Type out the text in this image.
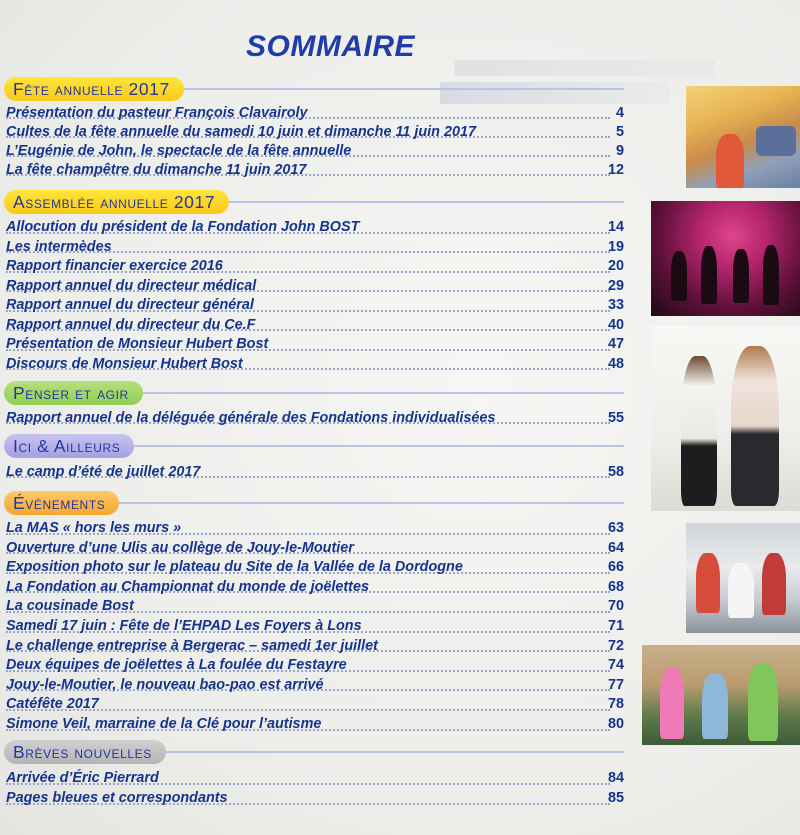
SOMMAIRE
Fête annuelle 2017
Présentation du pasteur François Clavairoly	4
Cultes de la fête annuelle du samedi 10 juin et dimanche 11 juin 2017	5
L’Eugénie de John, le spectacle de la fête annuelle	9
La fête champêtre du dimanche 11 juin 2017	12
Assemblée annuelle 2017
Allocution du président de la Fondation John BOST	14
Les intermèdes	19
Rapport financier exercice 2016	20
Rapport annuel du directeur médical	29
Rapport annuel du directeur général	33
Rapport annuel du directeur du Ce.F	40
Présentation de Monsieur Hubert Bost	47
Discours de Monsieur Hubert Bost	48
Penser et agir
Rapport annuel de la déléguée générale des Fondations individualisées	55
Ici & Ailleurs
Le camp d’été de juillet 2017	58
Événements
La MAS « hors les murs »	63
Ouverture d’une Ulis au collège de Jouy-le-Moutier	64
Exposition photo sur le plateau du Site de la Vallée de la Dordogne	66
La Fondation au Championnat du monde de joëlettes	68
La cousinade Bost	70
Samedi 17 juin : Fête de l’EHPAD Les Foyers à Lons	71
Le challenge entreprise à Bergerac – samedi 1er juillet	72
Deux équipes de joëlettes à La foulée du Festayre	74
Jouy-le-Moutier, le nouveau bao-pao est arrivé	77
Catéfête 2017	78
Simone Veil, marraine de la Clé pour l’autisme	80
Brèves nouvelles
Arrivée d’Éric Pierrard	84
Pages bleues et correspondants	85
